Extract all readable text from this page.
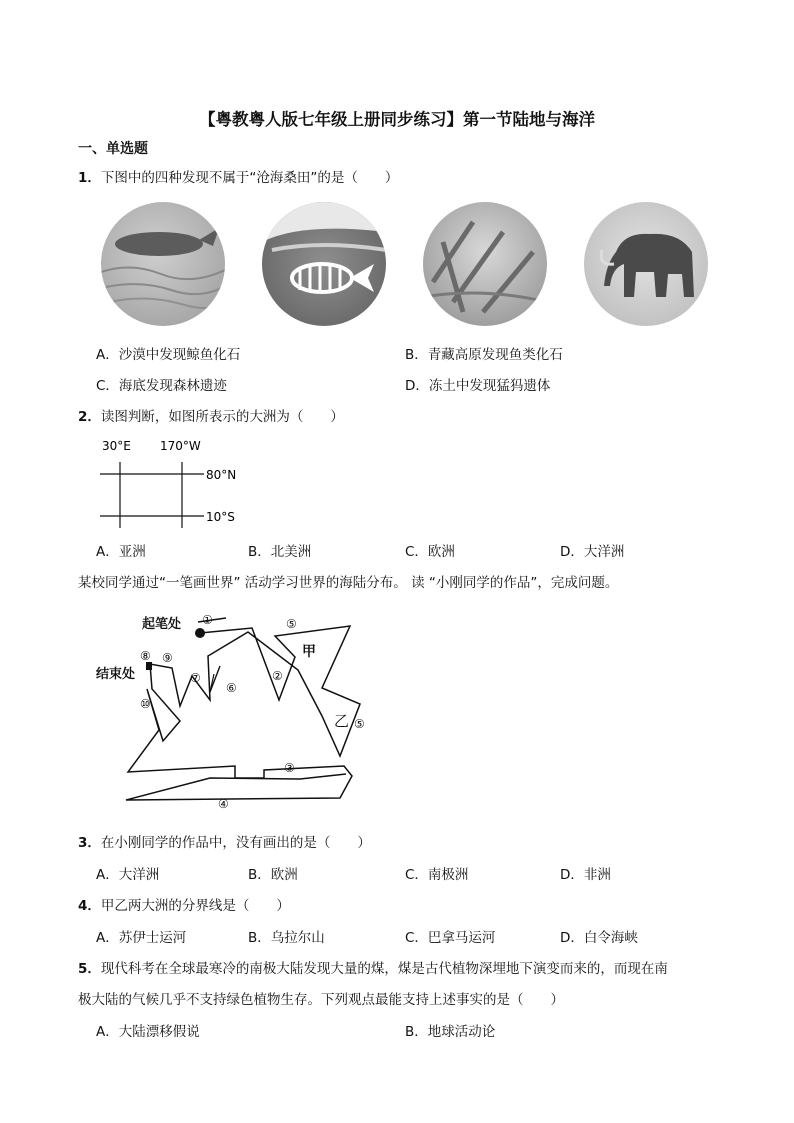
【粤教粤人版七年级上册同步练习】第一节陆地与海洋
一、单选题
1．下图中的四种发现不属于“沧海桑田”的是（　　）
A．沙漠中发现鲸鱼化石	B．青藏高原发现鱼类化石
C．海底发现森林遗迹	D．冻土中发现猛犸遗体
2．读图判断，如图所表示的大洲为（　　）
30°E 170°W
80°N
10°S
A．亚洲	B．北美洲	C．欧洲	D．大洋洲
某校同学通过“一笔画世界” 活动学习世界的海陆分布。 读 “小刚同学的作品”，完成问题。
起笔处
结束处
甲
乙
①
②
③
④
⑤
⑤
⑥
⑦
⑧ ⑨
⑩
3．在小刚同学的作品中，没有画出的是（　　）
A．大洋洲	B．欧洲	C．南极洲	D．非洲
4．甲乙两大洲的分界线是（　　）
A．苏伊士运河	B．乌拉尔山	C．巴拿马运河	D．白令海峡
5．现代科考在全球最寒冷的南极大陆发现大量的煤，煤是古代植物深埋地下演变而来的，而现在南
极大陆的气候几乎不支持绿色植物生存。下列观点最能支持上述事实的是（　　）
A．大陆漂移假说	B．地球活动论
